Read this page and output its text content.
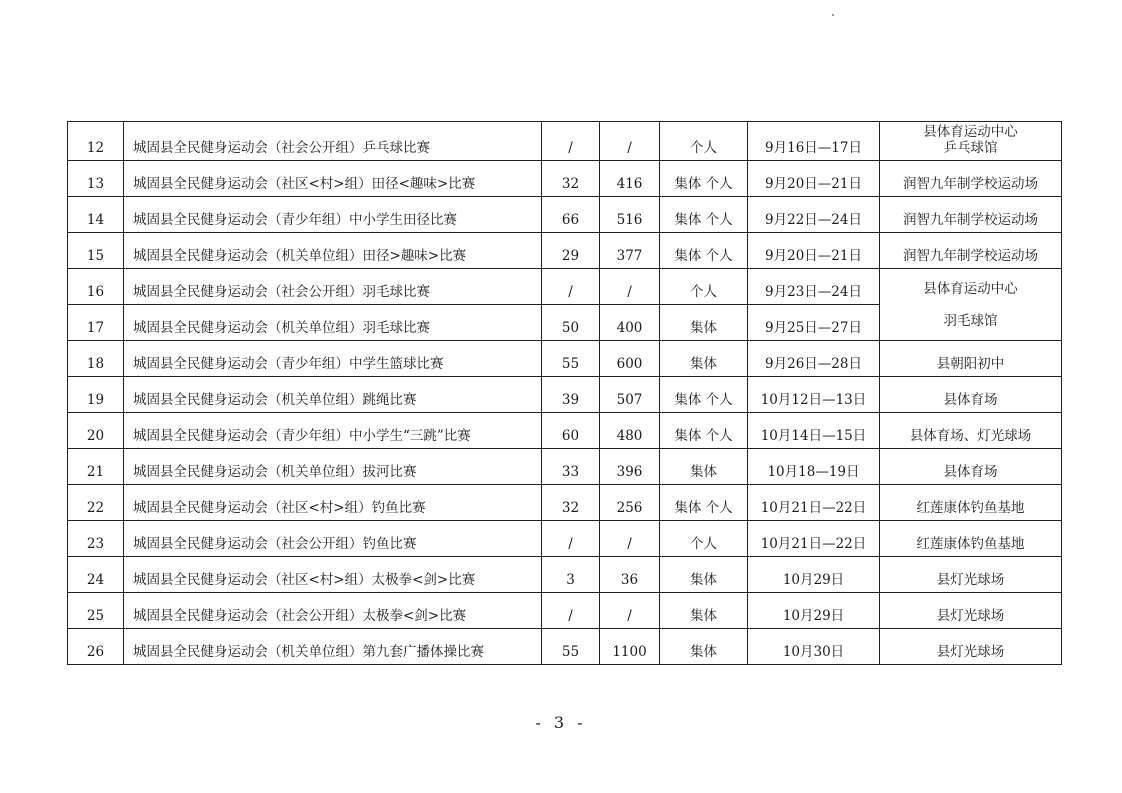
12	城固县全民健身运动会（社会公开组）乒乓球比赛	/	/	个人	9月16日—17日	县体育运动中心
乒乓球馆

13	城固县全民健身运动会（社区<村>组）田径<趣味>比赛	32	416	集体 个人	9月20日—21日	润智九年制学校运动场
14	城固县全民健身运动会（青少年组）中小学生田径比赛	66	516	集体 个人	9月22日—24日	润智九年制学校运动场
15	城固县全民健身运动会（机关单位组）田径>趣味>比赛	29	377	集体 个人	9月20日—21日	润智九年制学校运动场
16	城固县全民健身运动会（社会公开组）羽毛球比赛	/	/	个人	9月23日—24日	县体育运动中心
羽毛球馆

17	城固县全民健身运动会（机关单位组）羽毛球比赛	50	400	集体	9月25日—27日	
18	城固县全民健身运动会（青少年组）中学生篮球比赛	55	600	集体	9月26日—28日	县朝阳初中
19	城固县全民健身运动会（机关单位组）跳绳比赛	39	507	集体 个人	10月12日—13日	县体育场
20	城固县全民健身运动会（青少年组）中小学生“三跳”比赛	60	480	集体 个人	10月14日—15日	县体育场、灯光球场
21	城固县全民健身运动会（机关单位组）拔河比赛	33	396	集体	10月18—19日	县体育场
22	城固县全民健身运动会（社区<村>组）钓鱼比赛	32	256	集体 个人	10月21日—22日	红莲康体钓鱼基地
23	城固县全民健身运动会（社会公开组）钓鱼比赛	/	/	个人	10月21日—22日	红莲康体钓鱼基地
24	城固县全民健身运动会（社区<村>组）太极拳<剑>比赛	3	36	集体	10月29日	县灯光球场
25	城固县全民健身运动会（社会公开组）太极拳<剑>比赛	/	/	集体	10月29日	县灯光球场
26	城固县全民健身运动会（机关单位组）第九套广播体操比赛	55	1100	集体	10月30日	县灯光球场
- 3 -
